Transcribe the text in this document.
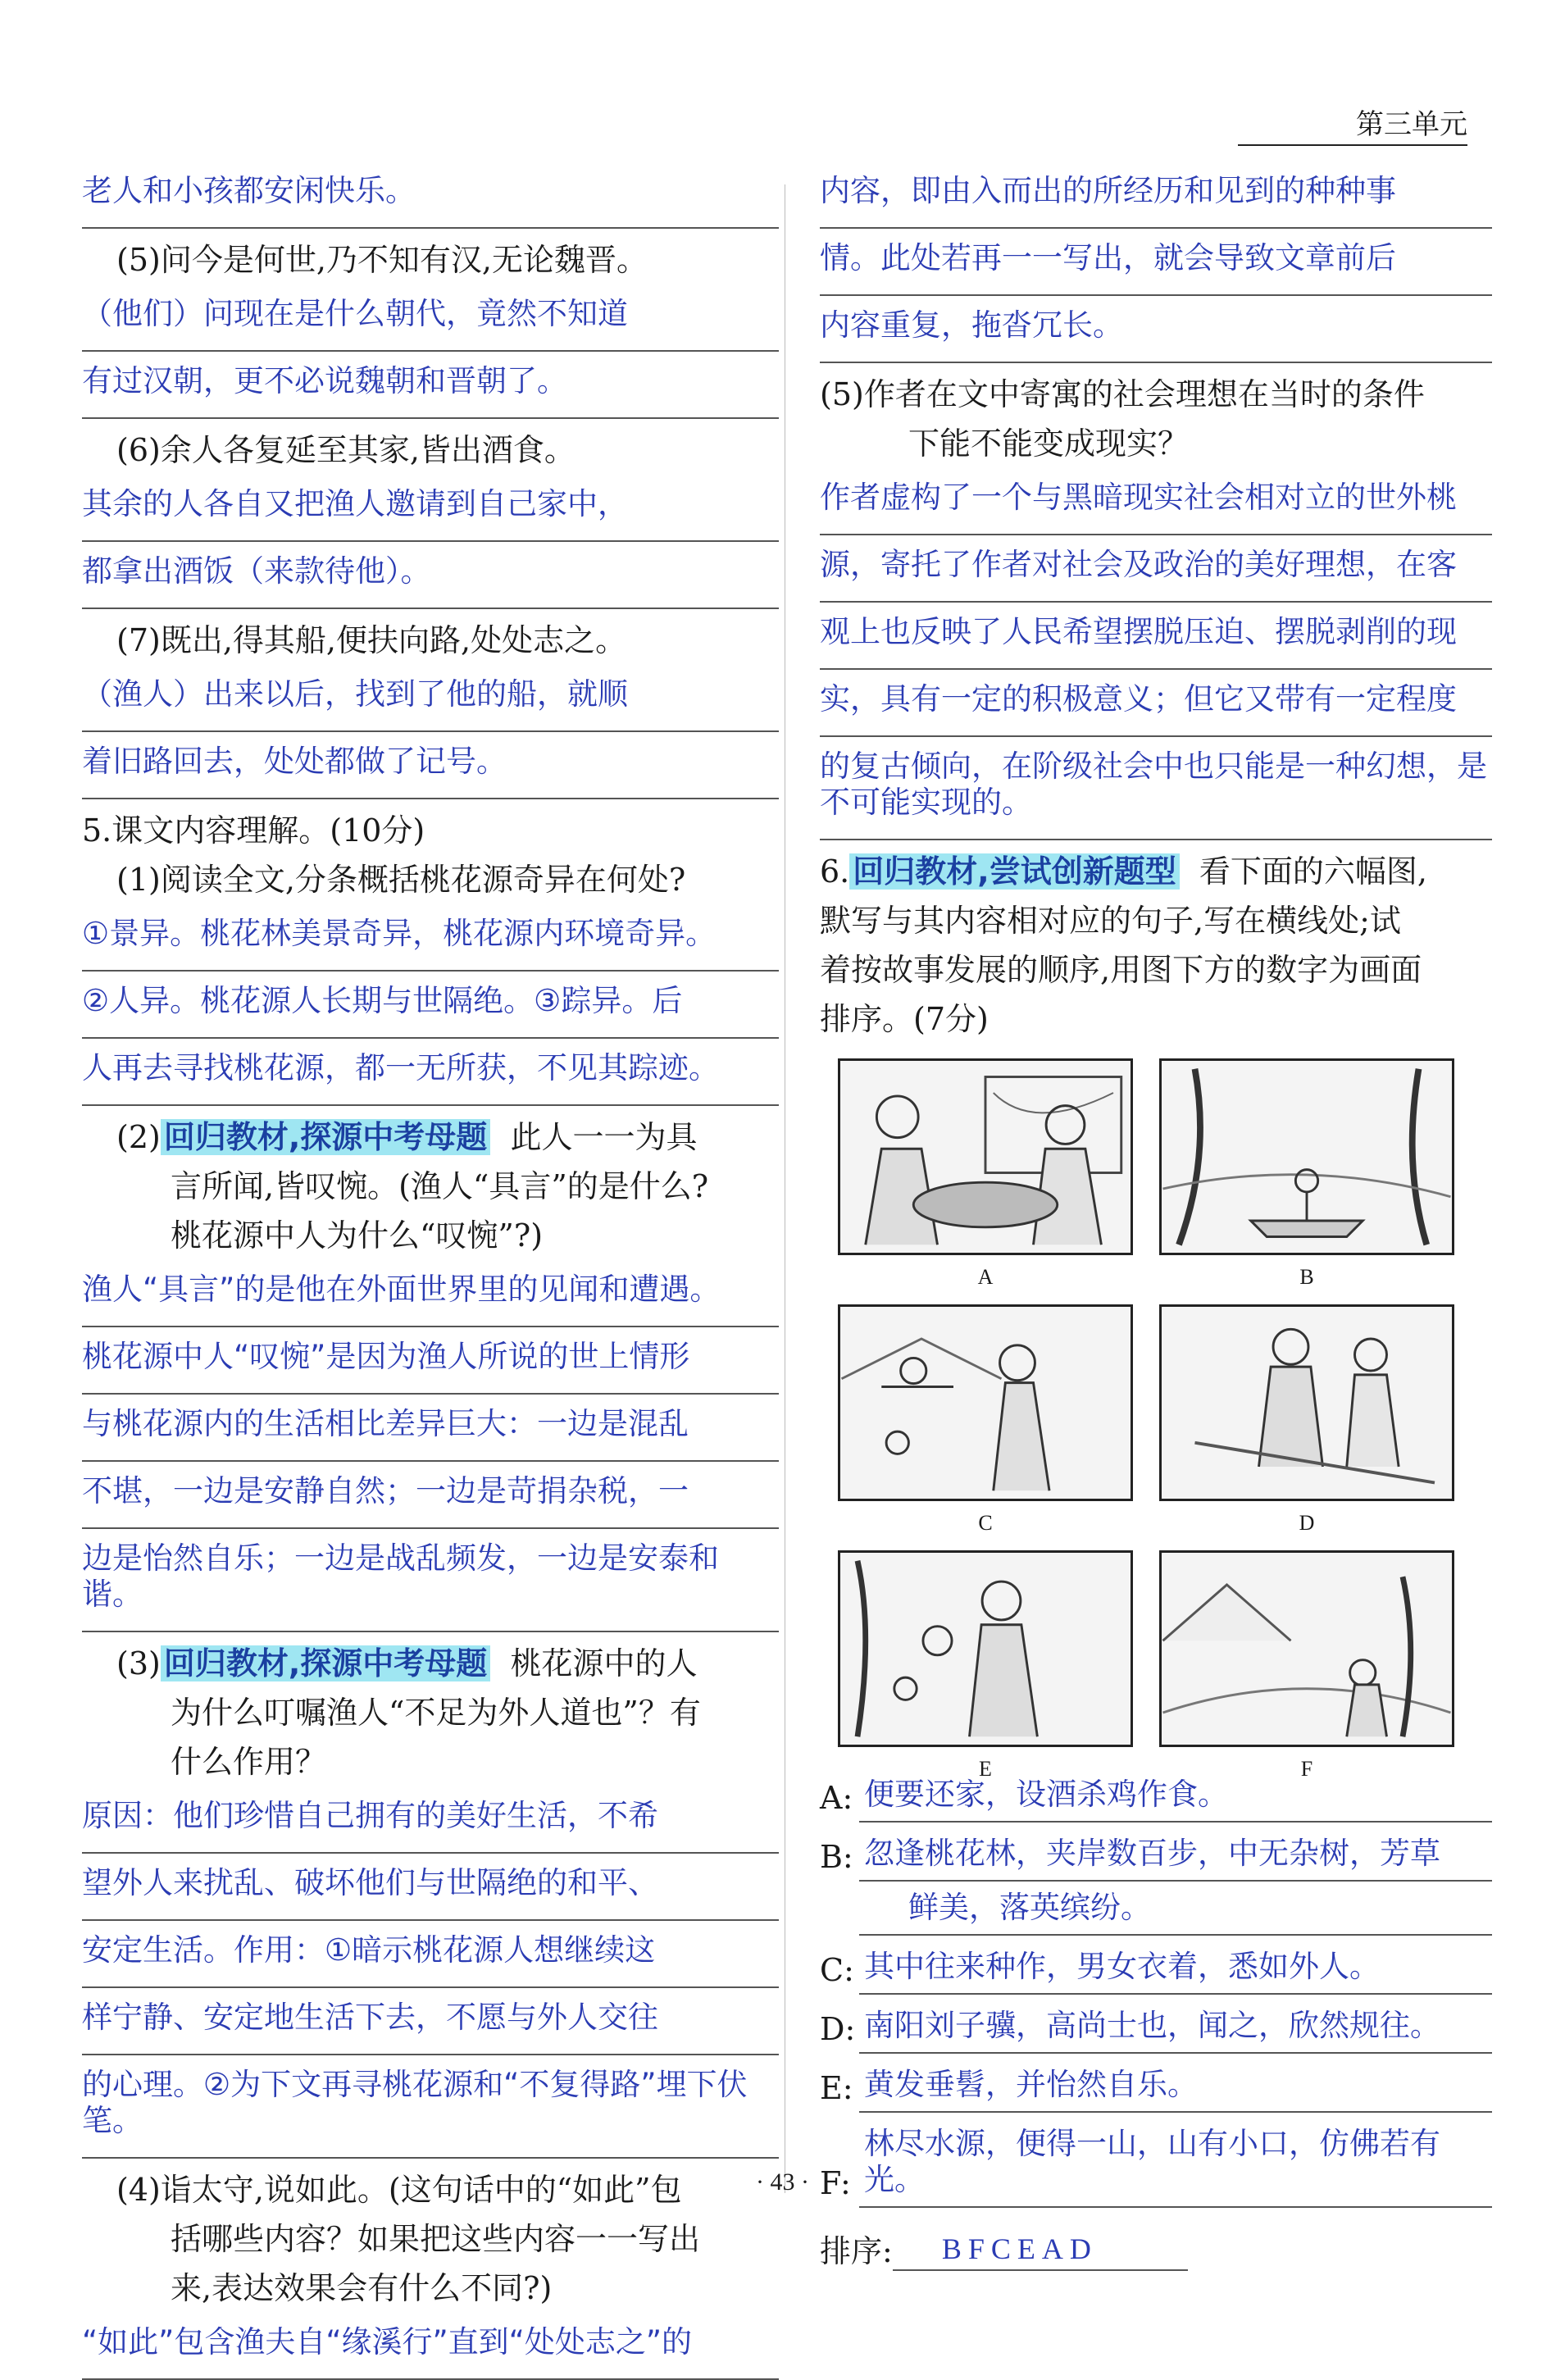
第三单元
老人和小孩都安闲快乐。

(5)问今是何世,乃不知有汉,无论魏晋。

（他们）问现在是什么朝代，竟然不知道
有过汉朝，更不必说魏朝和晋朝了。

(6)余人各复延至其家,皆出酒食。

其余的人各自又把渔人邀请到自己家中，
都拿出酒饭（来款待他）。

(7)既出,得其船,便扶向路,处处志之。

（渔人）出来以后，找到了他的船，就顺
着旧路回去，处处都做了记号。

5.课文内容理解。(10分)

(1)阅读全文,分条概括桃花源奇异在何处?

①景异。桃花林美景奇异，桃花源内环境奇异。
②人异。桃花源人长期与世隔绝。③踪异。后
人再去寻找桃花源，都一无所获，不见其踪迹。

(2) 回归教材,探源中考母题 此人一一为具

言所闻,皆叹惋。(渔人“具言”的是什么?

桃花源中人为什么“叹惋”?)

渔人“具言”的是他在外面世界里的见闻和遭遇。
桃花源中人“叹惋”是因为渔人所说的世上情形
与桃花源内的生活相比差异巨大：一边是混乱
不堪，一边是安静自然；一边是苛捐杂税，一
边是怡然自乐；一边是战乱频发，一边是安泰和谐。

(3) 回归教材,探源中考母题 桃花源中的人

为什么叮嘱渔人“不足为外人道也”？有

什么作用？

原因：他们珍惜自己拥有的美好生活，不希
望外人来扰乱、破坏他们与世隔绝的和平、
安定生活。作用：①暗示桃花源人想继续这
样宁静、安定地生活下去，不愿与外人交往
的心理。②为下文再寻桃花源和“不复得路”埋下伏笔。

(4)诣太守,说如此。(这句话中的“如此”包

括哪些内容？如果把这些内容一一写出

来,表达效果会有什么不同?)

“如此”包含渔夫自“缘溪行”直到“处处志之”的
内容，即由入而出的所经历和见到的种种事
情。此处若再一一写出，就会导致文章前后
内容重复，拖沓冗长。

(5)作者在文中寄寓的社会理想在当时的条件

下能不能变成现实？

作者虚构了一个与黑暗现实社会相对立的世外桃
源，寄托了作者对社会及政治的美好理想，在客
观上也反映了人民希望摆脱压迫、摆脱剥削的现
实，具有一定的积极意义；但它又带有一定程度
的复古倾向，在阶级社会中也只能是一种幻想，是不可能实现的。

6. 回归教材,尝试创新题型 看下面的六幅图,

默写与其内容相对应的句子,写在横线处;试

着按故事发展的顺序,用图下方的数字为画面

排序。(7分)

A	B
C	D
E	F
A: 便要还家，设酒杀鸡作食。
B: 忽逢桃花林，夹岸数百步，中无杂树，芳草
鲜美，落英缤纷。
C: 其中往来种作，男女衣着，悉如外人。
D: 南阳刘子骥，高尚士也，闻之，欣然规往。
E: 黄发垂髫，并怡然自乐。
F:
林尽水源，便得一山，山有小口，仿佛若有光。
排序:	BFCEAD
· 43 ·
